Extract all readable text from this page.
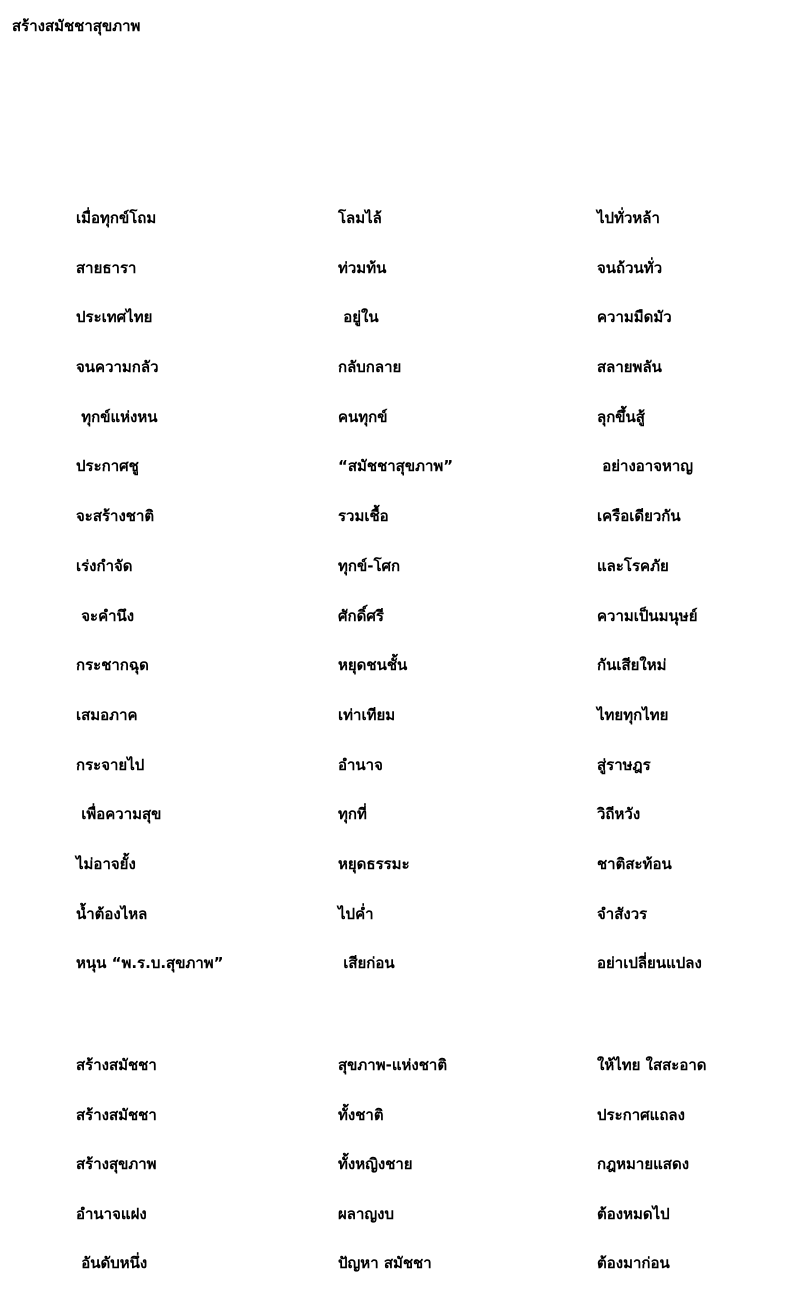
สร้างสมัชชาสุขภาพ
เมื่อทุกข์โถม	โลมไล้	ไปทั่วหล้า
สายธารา	ท่วมท้น	จนถ้วนทั่ว
ประเทศไทย	อยู่ใน	ความมืดมัว
จนความกลัว	กลับกลาย	สลายพลัน
ทุกข์แห่งหน	คนทุกข์	ลุกขึ้นสู้
ประกาศชู	“สมัชชาสุขภาพ”	อย่างอาจหาญ
จะสร้างชาติ	รวมเชื้อ	เครือเดียวกัน
เร่งกำจัด	ทุกข์-โศก	และโรคภัย
จะคำนึง	ศักดิ์ศรี	ความเป็นมนุษย์
กระชากฉุด	หยุดชนชั้น	กันเสียใหม่
เสมอภาค	เท่าเทียม	ไทยทุกไทย
กระจายไป	อำนาจ	สู่ราษฎร
เพื่อความสุข	ทุกที่	วิถีหวัง
ไม่อาจยั้ง	หยุดธรรมะ	ชาติสะท้อน
น้ำต้องไหล	ไปค่ำ	จำสังวร
หนุน “พ.ร.บ.สุขภาพ”	เสียก่อน	อย่าเปลี่ยนแปลง
สร้างสมัชชา	สุขภาพ-แห่งชาติ	ให้ไทย ใสสะอาด
สร้างสมัชชา	ทั้งชาติ	ประกาศแถลง
สร้างสุขภาพ	ทั้งหญิงชาย	กฎหมายแสดง
อำนาจแฝง	ผลาญงบ	ต้องหมดไป
อันดับหนึ่ง	ปัญหา สมัชชา	ต้องมาก่อน
